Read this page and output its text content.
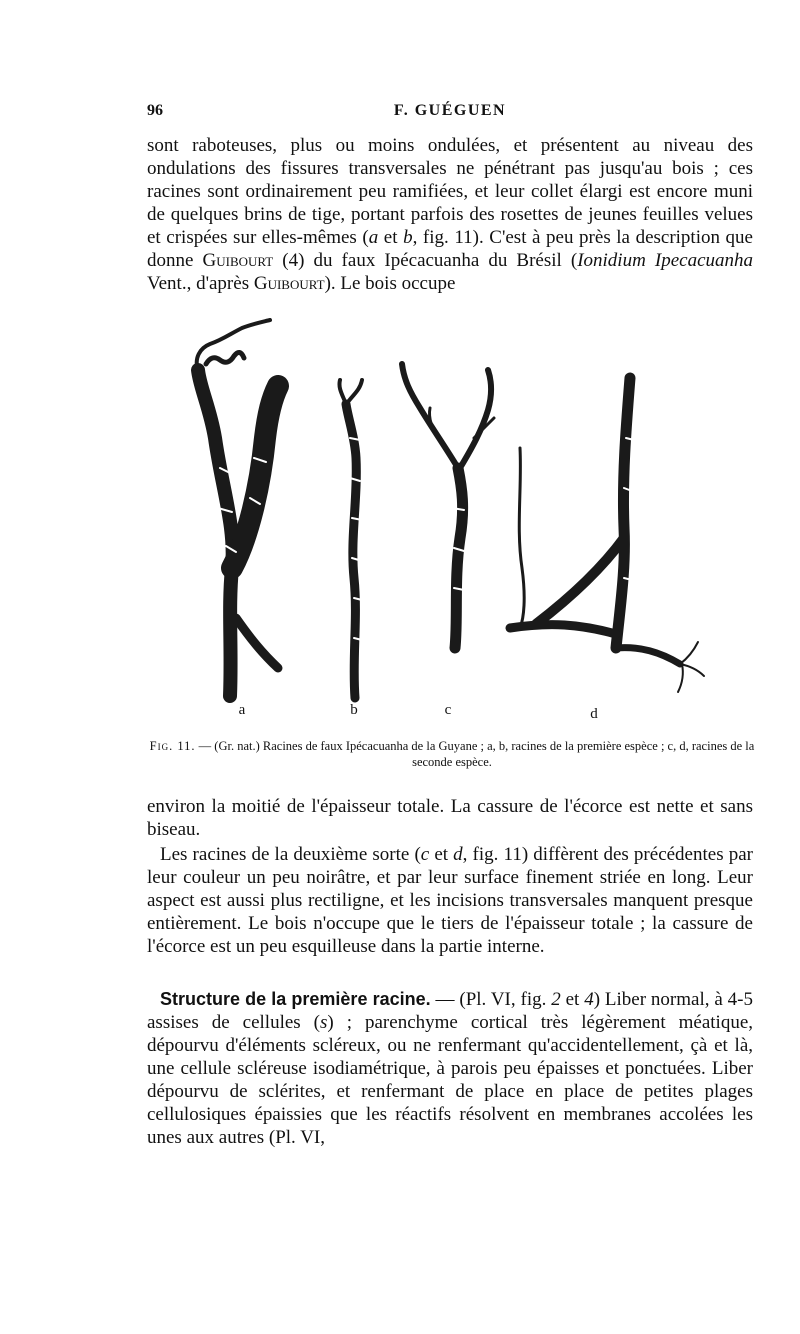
96	F. GUÉGUEN

sont raboteuses, plus ou moins ondulées, et présentent au niveau des ondulations des fissures transversales ne pénétrant pas jusqu'au bois ; ces racines sont ordinairement peu ramifiées, et leur collet élargi est encore muni de quelques brins de tige, portant parfois des rosettes de jeunes feuilles velues et crispées sur elles-mêmes (a et b, fig. 11). C'est à peu près la description que donne Guibourt (4) du faux Ipécacuanha du Brésil (Ionidium Ipecacuanha Vent., d'après Guibourt). Le bois occupe

a	b	c	d
Fig. 11. — (Gr. nat.) Racines de faux Ipécacuanha de la Guyane ; a, b, racines de la première espèce ; c, d, racines de la seconde espèce.

environ la moitié de l'épaisseur totale. La cassure de l'écorce est nette et sans biseau.

Les racines de la deuxième sorte (c et d, fig. 11) diffèrent des précédentes par leur couleur un peu noirâtre, et par leur surface finement striée en long. Leur aspect est aussi plus rectiligne, et les incisions transversales manquent presque entièrement. Le bois n'occupe que le tiers de l'épaisseur totale ; la cassure de l'écorce est un peu esquilleuse dans la partie interne.

Structure de la première racine. — (Pl. VI, fig. 2 et 4) Liber normal, à 4-5 assises de cellules (s) ; parenchyme cortical très légèrement méatique, dépourvu d'éléments scléreux, ou ne renfermant qu'accidentellement, çà et là, une cellule scléreuse isodiamétrique, à parois peu épaisses et ponctuées. Liber dépourvu de sclérites, et renfermant de place en place de petites plages cellulosiques épaissies que les réactifs résolvent en membranes accolées les unes aux autres (Pl. VI,
